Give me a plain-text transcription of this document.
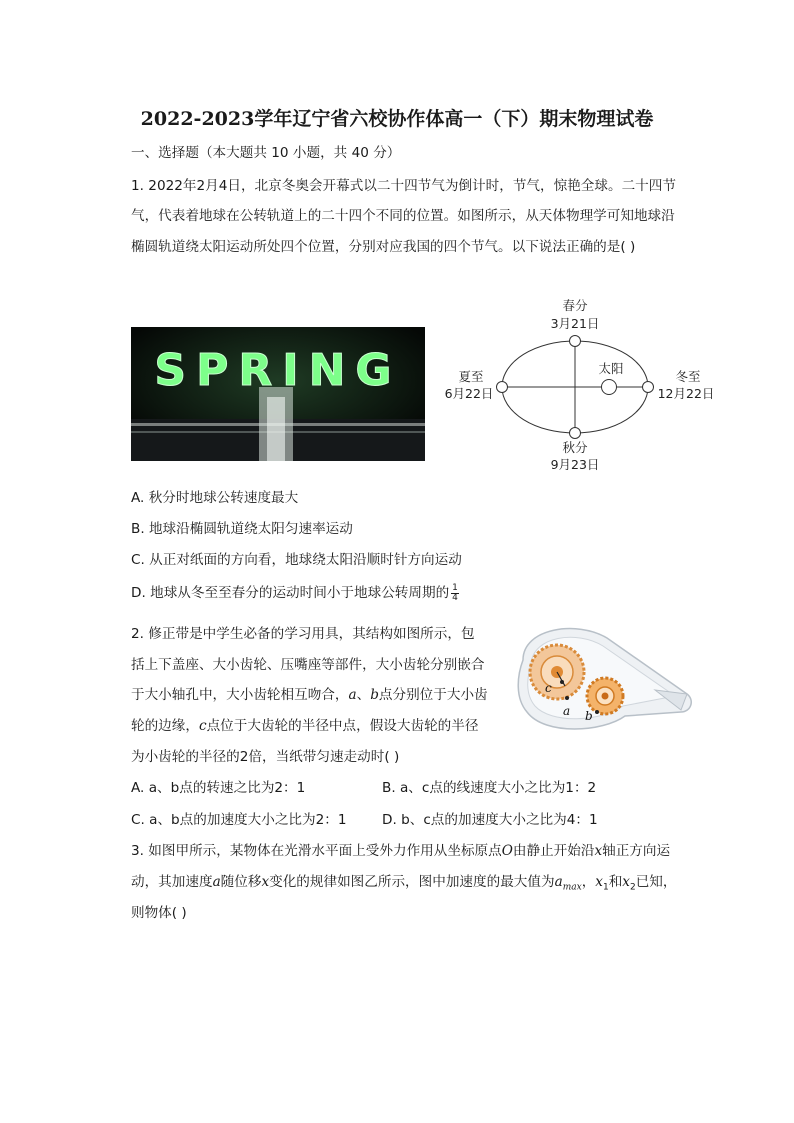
2022-2023学年辽宁省六校协作体高一（下）期末物理试卷
一、选择题（本大题共 10 小题，共 40 分）
1. 2022年2月4日，北京冬奥会开幕式以二十四节气为倒计时，节气，惊艳全球。二十四节
气，代表着地球在公转轨道上的二十四个不同的位置。如图所示，从天体物理学可知地球沿
椭圆轨道绕太阳运动所处四个位置，分别对应我国的四个节气。以下说法正确的是( )
SPRING
春分
3月21日
夏至
6月22日
秋分
9月23日
冬至
12月22日
太阳
A. 秋分时地球公转速度最大
B. 地球沿椭圆轨道绕太阳匀速率运动
C. 从正对纸面的方向看，地球绕太阳沿顺时针方向运动
D. 地球从冬至至春分的运动时间小于地球公转周期的 $\frac{1}{4}$
2. 修正带是中学生必备的学习用具，其结构如图所示，包
括上下盖座、大小齿轮、压嘴座等部件，大小齿轮分别嵌合
于大小轴孔中，大小齿轮相互吻合，a、b点分别位于大小齿
轮的边缘，c点位于大齿轮的半径中点，假设大齿轮的半径
为小齿轮的半径的2倍，当纸带匀速走动时( )
c
a b
A. a、b点的转速之比为2：1	B. a、c点的线速度大小之比为1：2
C. a、b点的加速度大小之比为2：1	D. b、c点的加速度大小之比为4：1
3. 如图甲所示，某物体在光滑水平面上受外力作用从坐标原点O由静止开始沿x轴正方向运
动，其加速度a随位移x变化的规律如图乙所示，图中加速度的最大值为$a_{max}$，$x_1$和$x_2$已知，
则物体( )
